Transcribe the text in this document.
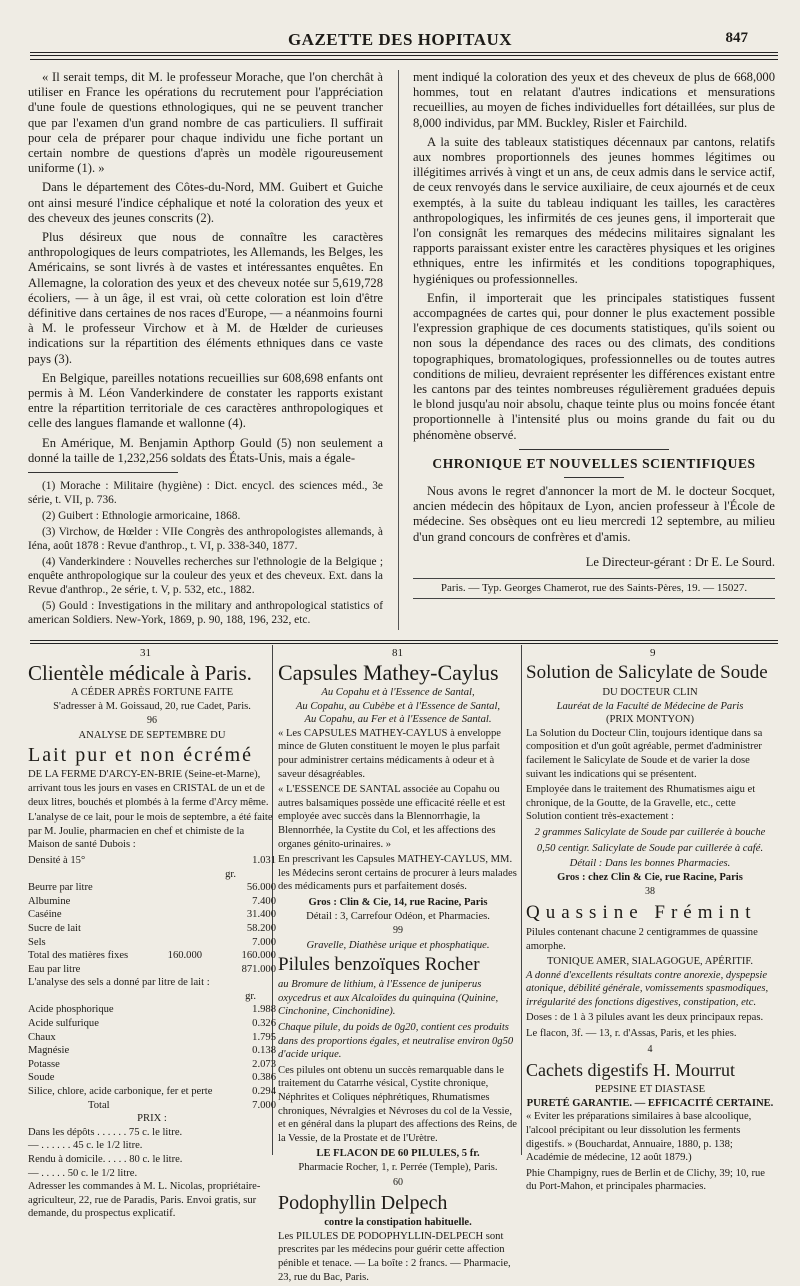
GAZETTE DES HOPITAUX	847

« Il serait temps, dit M. le professeur Morache, que l'on cherchât à utiliser en France les opérations du recrutement pour l'appréciation d'une foule de questions ethnologiques, qui ne se peuvent trancher que par l'examen d'un grand nombre de cas particuliers. Il suffirait pour cela de préparer pour chaque individu une fiche portant un certain nombre de questions d'après un modèle rigoureusement uniforme (1). »

Dans le département des Côtes-du-Nord, MM. Guibert et Guiche ont ainsi mesuré l'indice céphalique et noté la coloration des yeux et des cheveux des jeunes conscrits (2).

Plus désireux que nous de connaître les caractères anthropologiques de leurs compatriotes, les Allemands, les Belges, les Américains, se sont livrés à de vastes et intéressantes enquêtes. En Allemagne, la coloration des yeux et des cheveux notée sur 5,619,728 écoliers, — à un âge, il est vrai, où cette coloration est loin d'être définitive dans certaines de nos races d'Europe, — a néanmoins fourni à M. le professeur Virchow et à M. de Hœlder de curieuses indications sur la répartition des éléments ethniques dans ce vaste pays (3).

En Belgique, pareilles notations recueillies sur 608,698 enfants ont permis à M. Léon Vanderkindere de constater les rapports existant entre la répartition territoriale de ces caractères anthropologiques et celle des langues flamande et wallonne (4).

En Amérique, M. Benjamin Apthorp Gould (5) non seulement a donné la taille de 1,232,256 soldats des États-Unis, mais a égale-

(1) Morache : Militaire (hygiène) : Dict. encycl. des sciences méd., 3e série, t. VII, p. 736.

(2) Guibert : Ethnologie armoricaine, 1868.

(3) Virchow, de Hœlder : VIIe Congrès des anthropologistes allemands, à Iéna, août 1878 : Revue d'anthrop., t. VI, p. 338-340, 1877.

(4) Vanderkindere : Nouvelles recherches sur l'ethnologie de la Belgique ; enquête anthropologique sur la couleur des yeux et des cheveux. Ext. dans la Revue d'anthrop., 2e série, t. V, p. 532, etc., 1882.

(5) Gould : Investigations in the military and anthropological statistics of american Soldiers. New-York, 1869, p. 90, 188, 196, 232, etc.

ment indiqué la coloration des yeux et des cheveux de plus de 668,000 hommes, tout en relatant d'autres indications et mensurations recueillies, au moyen de fiches individuelles fort détaillées, sur plus de 8,000 individus, par MM. Buckley, Risler et Fairchild.

A la suite des tableaux statistiques décennaux par cantons, relatifs aux nombres proportionnels des jeunes hommes légitimes ou illégitimes arrivés à vingt et un ans, de ceux admis dans le service actif, de ceux renvoyés dans le service auxiliaire, de ceux ajournés et de ceux exemptés, à la suite du tableau indiquant les tailles, les caractères anthropologiques, les infirmités de ces jeunes gens, il importerait que l'on consignât les remarques des médecins militaires signalant les rapports paraissant exister entre les caractères physiques et les origines ethniques, entre les infirmités et les conditions topographiques, hygiéniques ou professionnelles.

Enfin, il importerait que les principales statistiques fussent accompagnées de cartes qui, pour donner le plus exactement possible l'expression graphique de ces documents statistiques, qu'ils soient ou non sous la dépendance des races ou des climats, des conditions topographiques, bromatologiques, professionnelles ou de toutes autres conditions de milieu, devraient représenter les différences existant entre les cantons par des teintes nombreuses régulièrement graduées depuis le blond jusqu'au noir absolu, chaque teinte plus ou moins foncée étant proportionnelle à l'intensité plus ou moins grande du fait ou du phénomène observé.

CHRONIQUE ET NOUVELLES SCIENTIFIQUES

Nous avons le regret d'annoncer la mort de M. le docteur Socquet, ancien médecin des hôpitaux de Lyon, ancien professeur à l'École de médecine. Ses obsèques ont eu lieu mercredi 12 septembre, au milieu d'un grand concours de confrères et d'amis.

Le Directeur-gérant : Dr E. Le Sourd.
Paris. — Typ. Georges Chamerot, rue des Saints-Pères, 19. — 15027.
31	81	9
Clientèle médicale à Paris.
A CÉDER APRÈS FORTUNE FAITE
S'adresser à M. Goissaud, 20, rue Cadet, Paris.
96
ANALYSE DE SEPTEMBRE DU
Lait pur et non écrémé

DE LA FERME D'ARCY-EN-BRIE (Seine-et-Marne), arrivant tous les jours en vases en CRISTAL de un et de deux litres, bouchés et plombés à la ferme d'Arcy même.

L'analyse de ce lait, pour le mois de septembre, a été faite par M. Joulie, pharmacien en chef et chimiste de la Maison de santé Dubois :

Densité à 15°	1.031
gr.
Beurre par litre	56.000
Albumine	7.400
Caséine	31.400
Sucre de lait	58.200
Sels	7.000
Total des matières fixes	160.000	160.000
Eau par litre	871.000
L'analyse des sels a donné par litre de lait :
gr.
Acide phosphorique	1.988
Acide sulfurique	0.326
Chaux	1.795
Magnésie	0.138
Potasse	2.073
Soude	0.386
Silice, chlore, acide carbonique, fer et perte	0.294
Total	7.000
PRIX :
Dans les dépôts . . . . . . 75 c. le litre.
— . . . . . . 45 c. le 1/2 litre.
Rendu à domicile. . . . . 80 c. le litre.
— . . . . . 50 c. le 1/2 litre.

Adresser les commandes à M. L. Nicolas, propriétaire-agriculteur, 22, rue de Paradis, Paris. Envoi gratis, sur demande, du prospectus explicatif.

Capsules Mathey-Caylus
Au Copahu et à l'Essence de Santal,
Au Copahu, au Cubèbe et à l'Essence de Santal,
Au Copahu, au Fer et à l'Essence de Santal.

« Les CAPSULES MATHEY-CAYLUS à enveloppe mince de Gluten constituent le moyen le plus parfait pour administrer certains médicaments à odeur et à saveur désagréables.

« L'ESSENCE DE SANTAL associée au Copahu ou autres balsamiques possède une efficacité réelle et est employée avec succès dans la Blennorrhagie, la Blennorrhée, la Cystite du Col, et les affections des organes génito-urinaires. »

En prescrivant les Capsules MATHEY-CAYLUS, MM. les Médecins seront certains de procurer à leurs malades des médicaments purs et parfaitement dosés.

Gros : Clin & Cie, 14, rue Racine, Paris
Détail : 3, Carrefour Odéon, et Pharmacies.
99
Gravelle, Diathèse urique et phosphatique.
Pilules benzoïques Rocher

au Bromure de lithium, à l'Essence de juniperus oxycedrus et aux Alcaloïdes du quinquina (Quinine, Cinchonine, Cinchonidine).

Chaque pilule, du poids de 0g20, contient ces produits dans des proportions égales, et neutralise environ 0g50 d'acide urique.

Ces pilules ont obtenu un succès remarquable dans le traitement du Catarrhe vésical, Cystite chronique, Néphrites et Coliques néphrétiques, Rhumatismes chroniques, Névralgies et Névroses du col de la Vessie, et en général dans la plupart des affections des Reins, de la Vessie, de la Prostate et de l'Urètre.

LE FLACON DE 60 PILULES, 5 fr.
Pharmacie Rocher, 1, r. Perrée (Temple), Paris.
60
Podophyllin Delpech
contre la constipation habituelle.

Les PILULES DE PODOPHYLLIN-DELPECH sont prescrites par les médecins pour guérir cette affection pénible et tenace. — La boîte : 2 francs. — Pharmacie, 23, rue du Bac, Paris.

Solution de Salicylate de Soude
DU DOCTEUR CLIN
Lauréat de la Faculté de Médecine de Paris
(PRIX MONTYON)

La Solution du Docteur Clin, toujours identique dans sa composition et d'un goût agréable, permet d'administrer facilement le Salicylate de Soude et de varier la dose suivant les indications qui se présentent.

Employée dans le traitement des Rhumatismes aigu et chronique, de la Goutte, de la Gravelle, etc., cette Solution contient très-exactement :

2 grammes Salicylate de Soude par cuillerée à bouche

0,50 centigr. Salicylate de Soude par cuillerée à café.

Détail : Dans les bonnes Pharmacies.
Gros : chez Clin & Cie, rue Racine, Paris
38
Quassine Frémint

Pilules contenant chacune 2 centigrammes de quassine amorphe.

TONIQUE AMER, SIALAGOGUE, APÉRITIF.

A donné d'excellents résultats contre anorexie, dyspepsie atonique, débilité générale, vomissements spasmodiques, irrégularité des fonctions digestives, constipation, etc.

Doses : de 1 à 3 pilules avant les deux principaux repas.

Le flacon, 3f. — 13, r. d'Assas, Paris, et les phies.

4
Cachets digestifs H. Mourrut
PEPSINE ET DIASTASE
PURETÉ GARANTIE. — EFFICACITÉ CERTAINE.

« Eviter les préparations similaires à base alcoolique, l'alcool précipitant ou leur dissolution les ferments digestifs. » (Bouchardat, Annuaire, 1880, p. 138; Académie de médecine, 12 août 1879.)

Phie Champigny, rues de Berlin et de Clichy, 39; 10, rue du Port-Mahon, et principales pharmacies.
